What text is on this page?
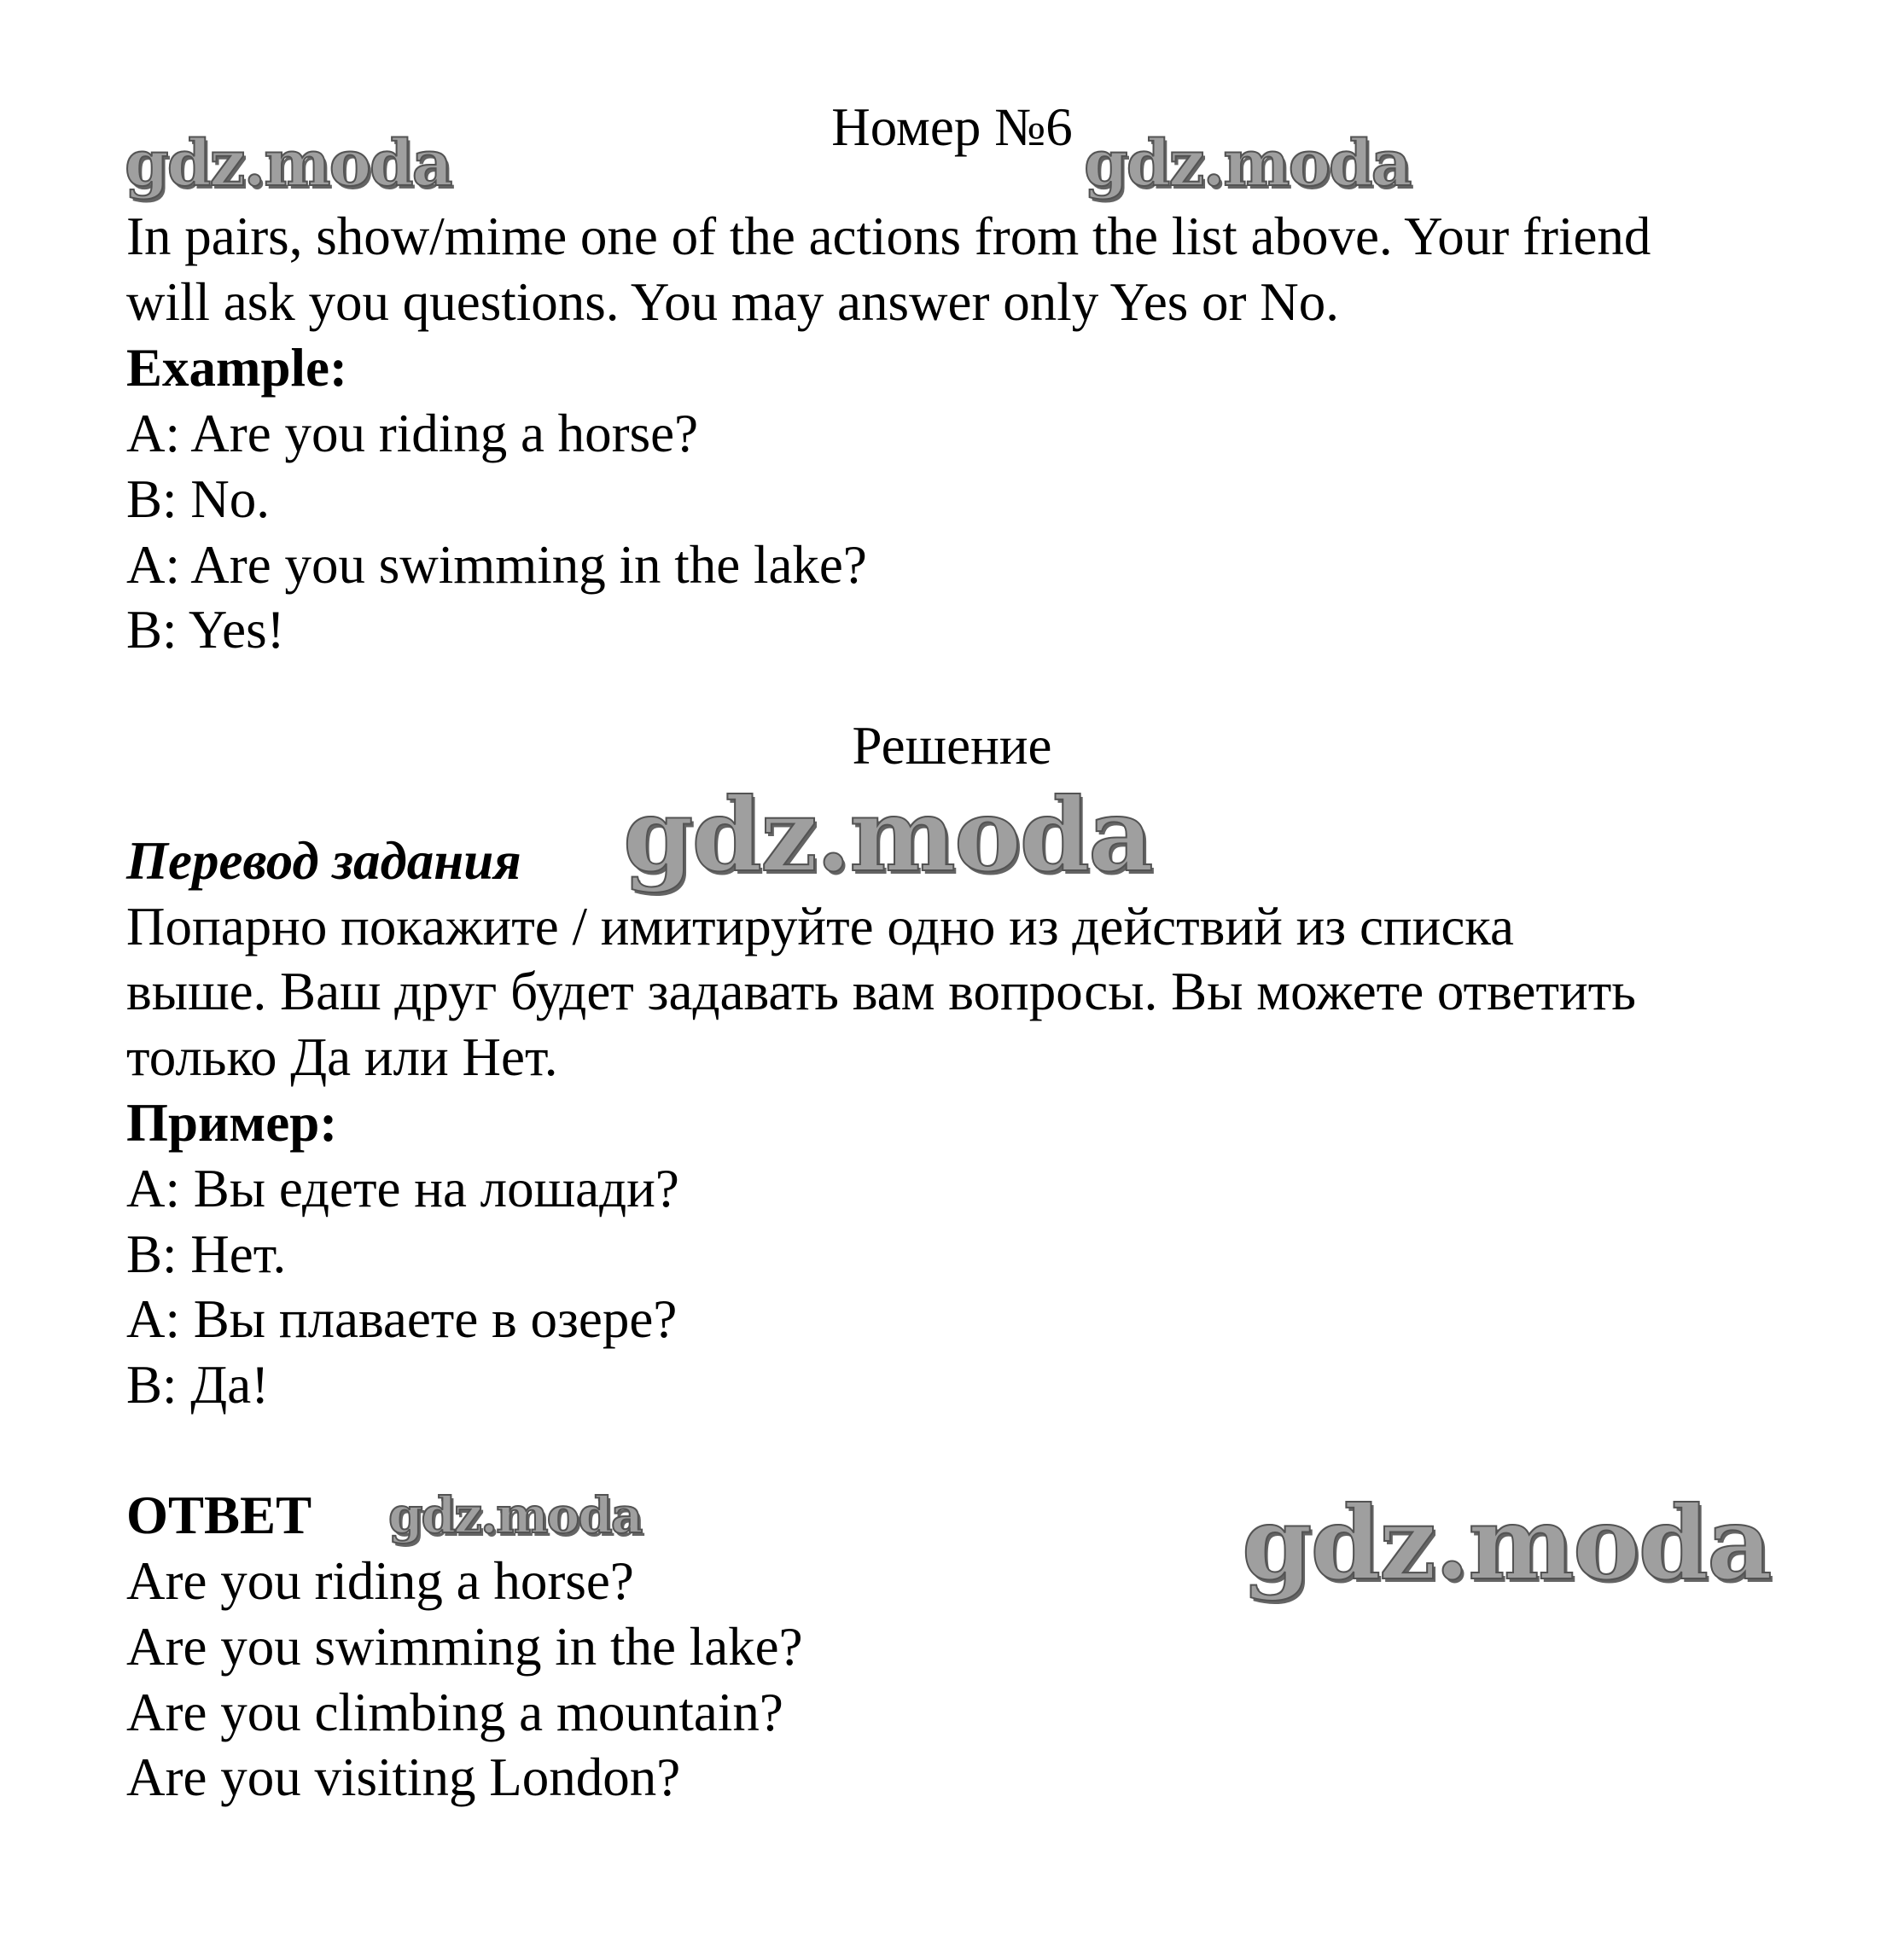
Номер №6
In pairs, show/mime one of the actions from the list above. Your friend
will ask you questions. You may answer only Yes or No.
Example:
A: Are you riding a horse?
B: No.
A: Are you swimming in the lake?
B: Yes!
Решение
Перевод задания
Попарно покажите / имитируйте одно из действий из списка
выше. Ваш друг будет задавать вам вопросы. Вы можете ответить
только Да или Нет.
Пример:
А: Вы едете на лошади?
В: Нет.
А: Вы плаваете в озере?
В: Да!
ОТВЕТ
Are you riding a horse?
Are you swimming in the lake?
Are you climbing a mountain?
Are you visiting London?
gdz.moda	gdz.moda
gdz.moda
gdz.moda	gdz.moda
